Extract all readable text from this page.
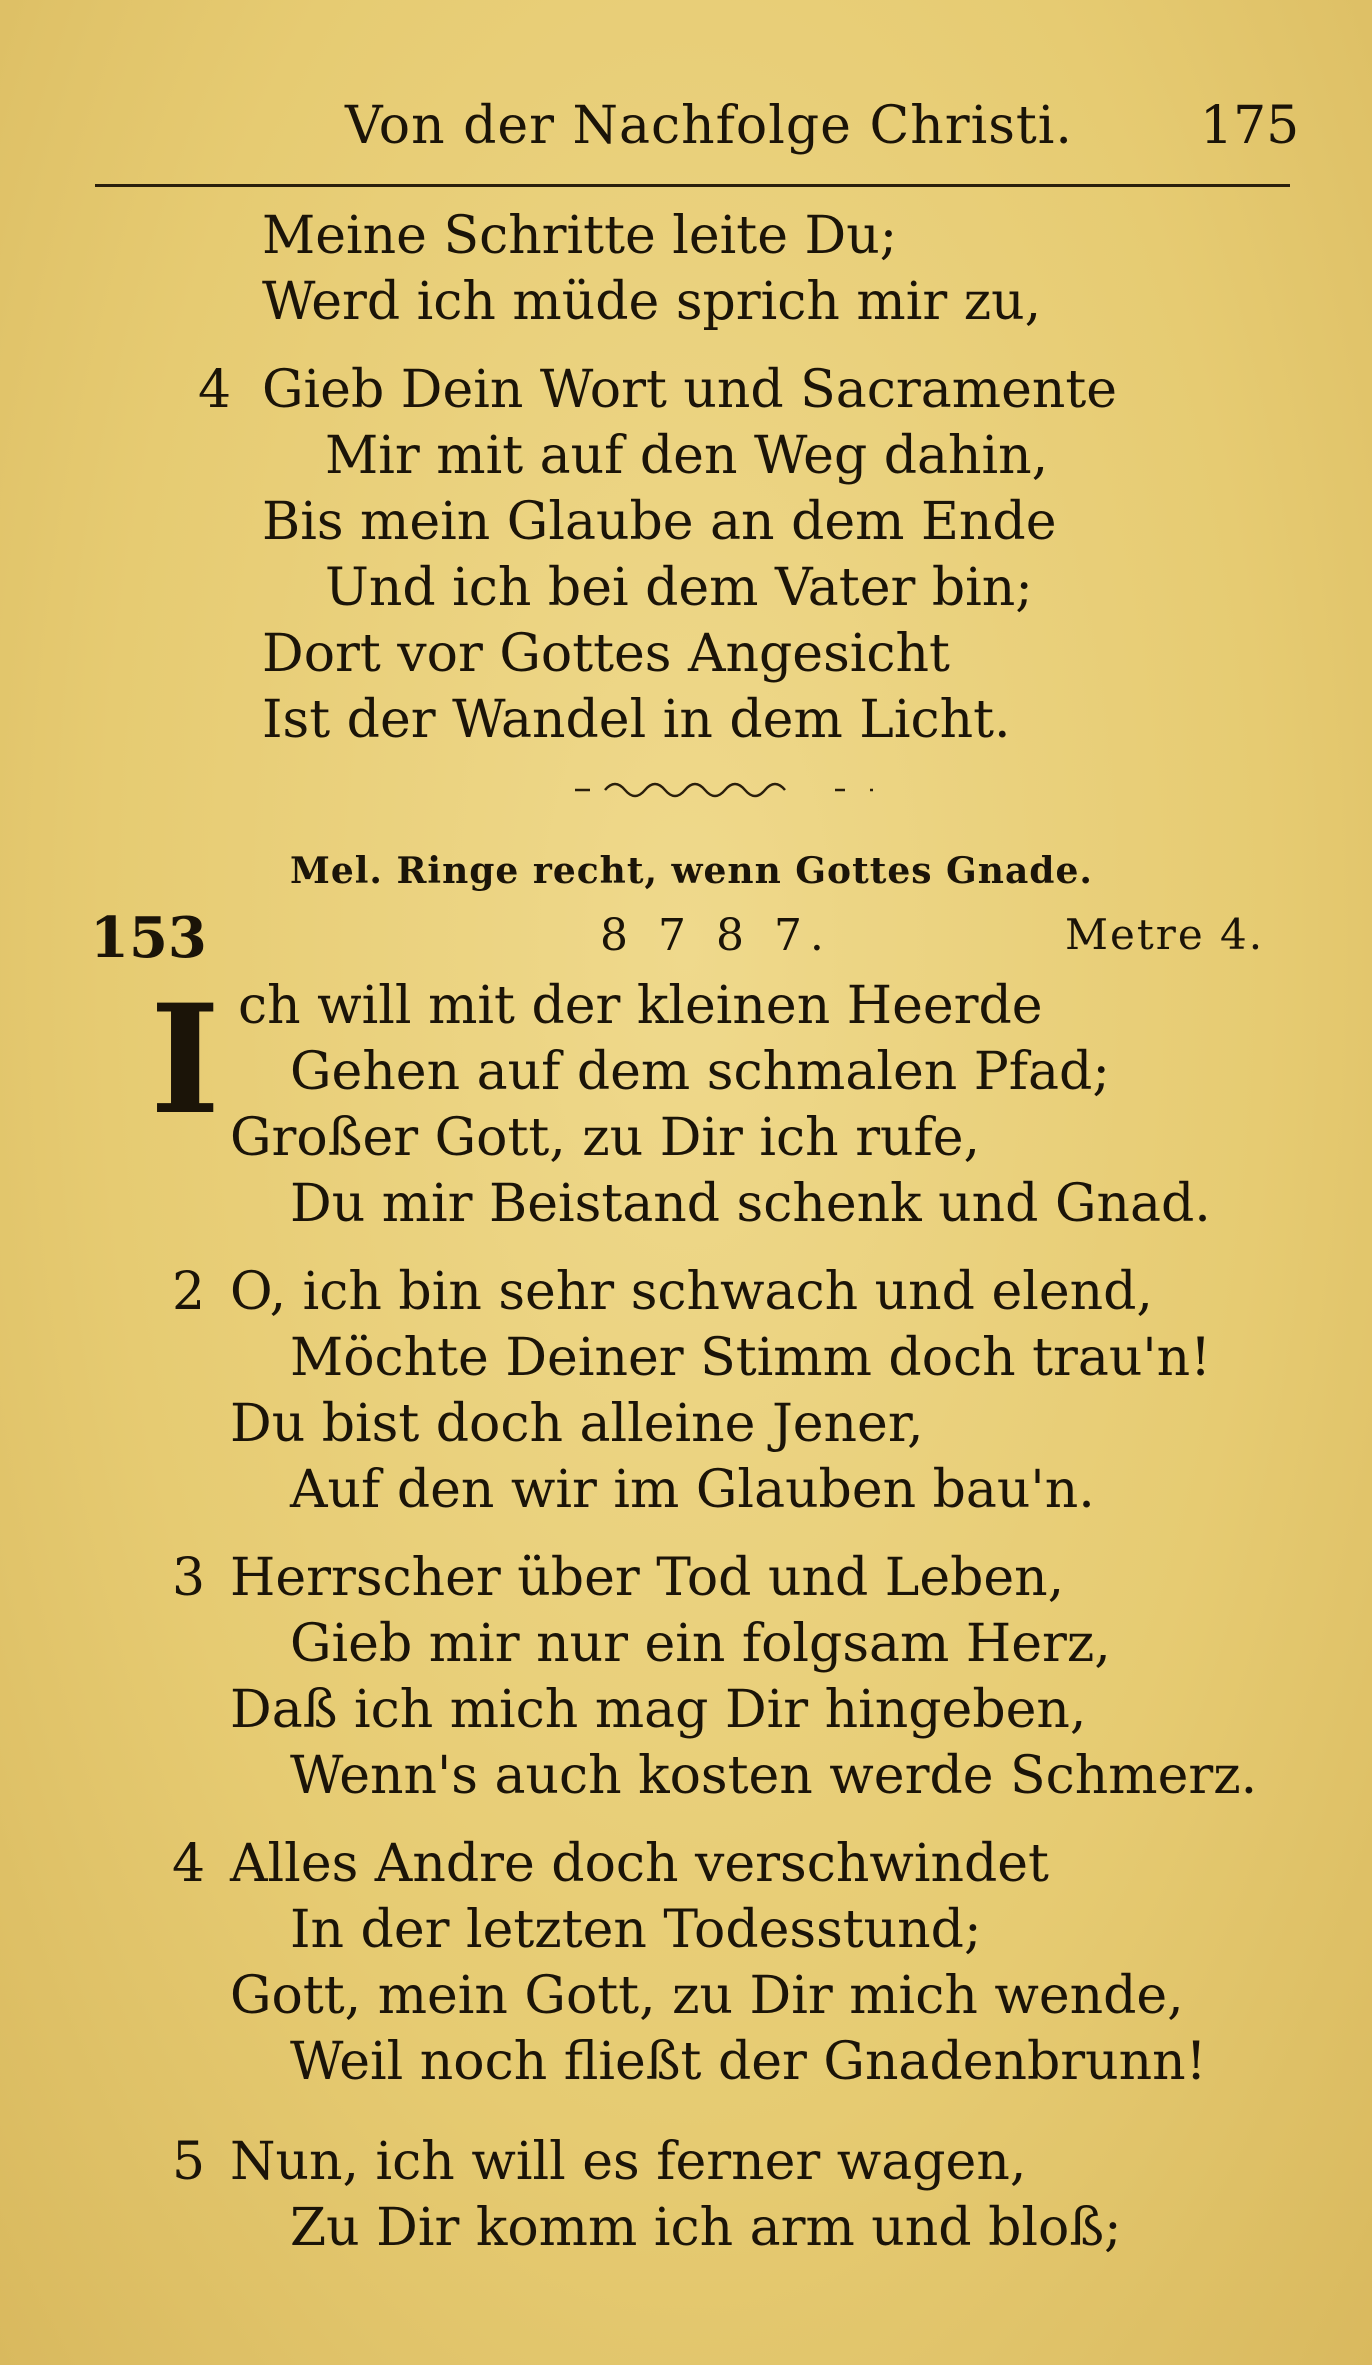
Von der Nachfolge Christi. 175
Meine Schritte leite Du;
Werd ich müde sprich mir zu,
4 Gieb Dein Wort und Sacramente
Mir mit auf den Weg dahin,
Bis mein Glaube an dem Ende
Und ich bei dem Vater bin;
Dort vor Gottes Angesicht
Ist der Wandel in dem Licht.
Mel. Ringe recht, wenn Gottes Gnade.
153	8 7 8 7.	Metre 4.
I ch will mit der kleinen Heerde
Gehen auf dem schmalen Pfad;
Großer Gott, zu Dir ich rufe,
Du mir Beistand schenk und Gnad.
2 O, ich bin sehr schwach und elend,
Möchte Deiner Stimm doch trau'n!
Du bist doch alleine Jener,
Auf den wir im Glauben bau'n.
3 Herrscher über Tod und Leben,
Gieb mir nur ein folgsam Herz,
Daß ich mich mag Dir hingeben,
Wenn's auch kosten werde Schmerz.
4 Alles Andre doch verschwindet
In der letzten Todesstund;
Gott, mein Gott, zu Dir mich wende,
Weil noch fließt der Gnadenbrunn!
5 Nun, ich will es ferner wagen,
Zu Dir komm ich arm und bloß;
